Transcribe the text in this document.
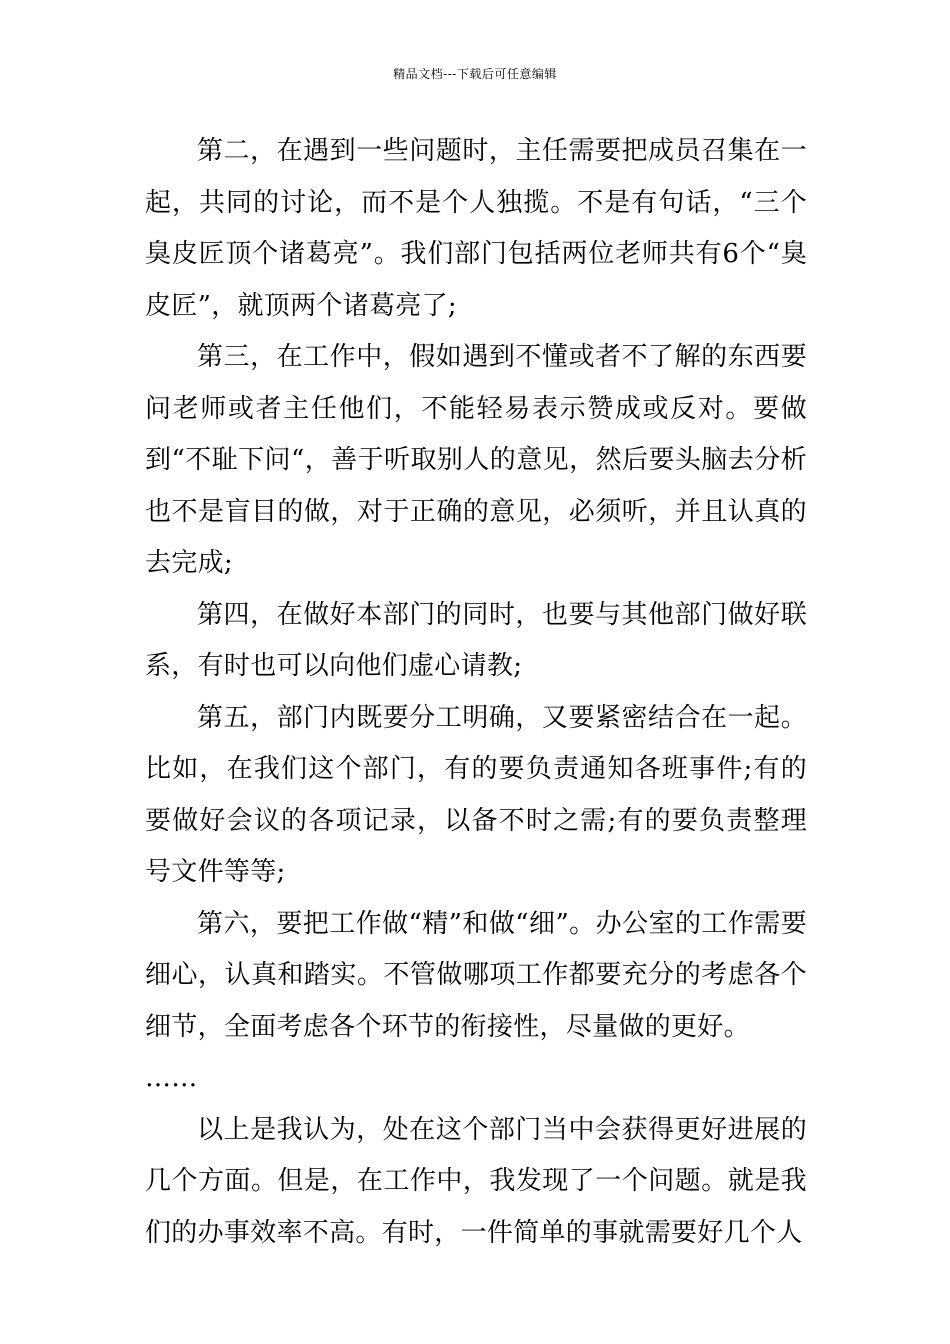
精品文档---下载后可任意编辑

第二，在遇到一些问题时，主任需要把成员召集在一起，共同的讨论，而不是个人独揽。不是有句话，“三个臭皮匠顶个诸葛亮”。我们部门包括两位老师共有6个“臭皮匠”，就顶两个诸葛亮了;

第三，在工作中，假如遇到不懂或者不了解的东西要问老师或者主任他们，不能轻易表示赞成或反对。要做到“不耻下问“，善于听取别人的意见，然后要头脑去分析也不是盲目的做，对于正确的意见，必须听，并且认真的去完成;

第四，在做好本部门的同时，也要与其他部门做好联系，有时也可以向他们虚心请教;

第五，部门内既要分工明确，又要紧密结合在一起。比如，在我们这个部门，有的要负责通知各班事件;有的要做好会议的各项记录，以备不时之需;有的要负责整理号文件等等;

第六，要把工作做“精”和做“细”。办公室的工作需要细心，认真和踏实。不管做哪项工作都要充分的考虑各个细节，全面考虑各个环节的衔接性，尽量做的更好。

……

以上是我认为，处在这个部门当中会获得更好进展的几个方面。但是，在工作中，我发现了一个问题。就是我们的办事效率不高。有时，一件简单的事就需要好几个人
